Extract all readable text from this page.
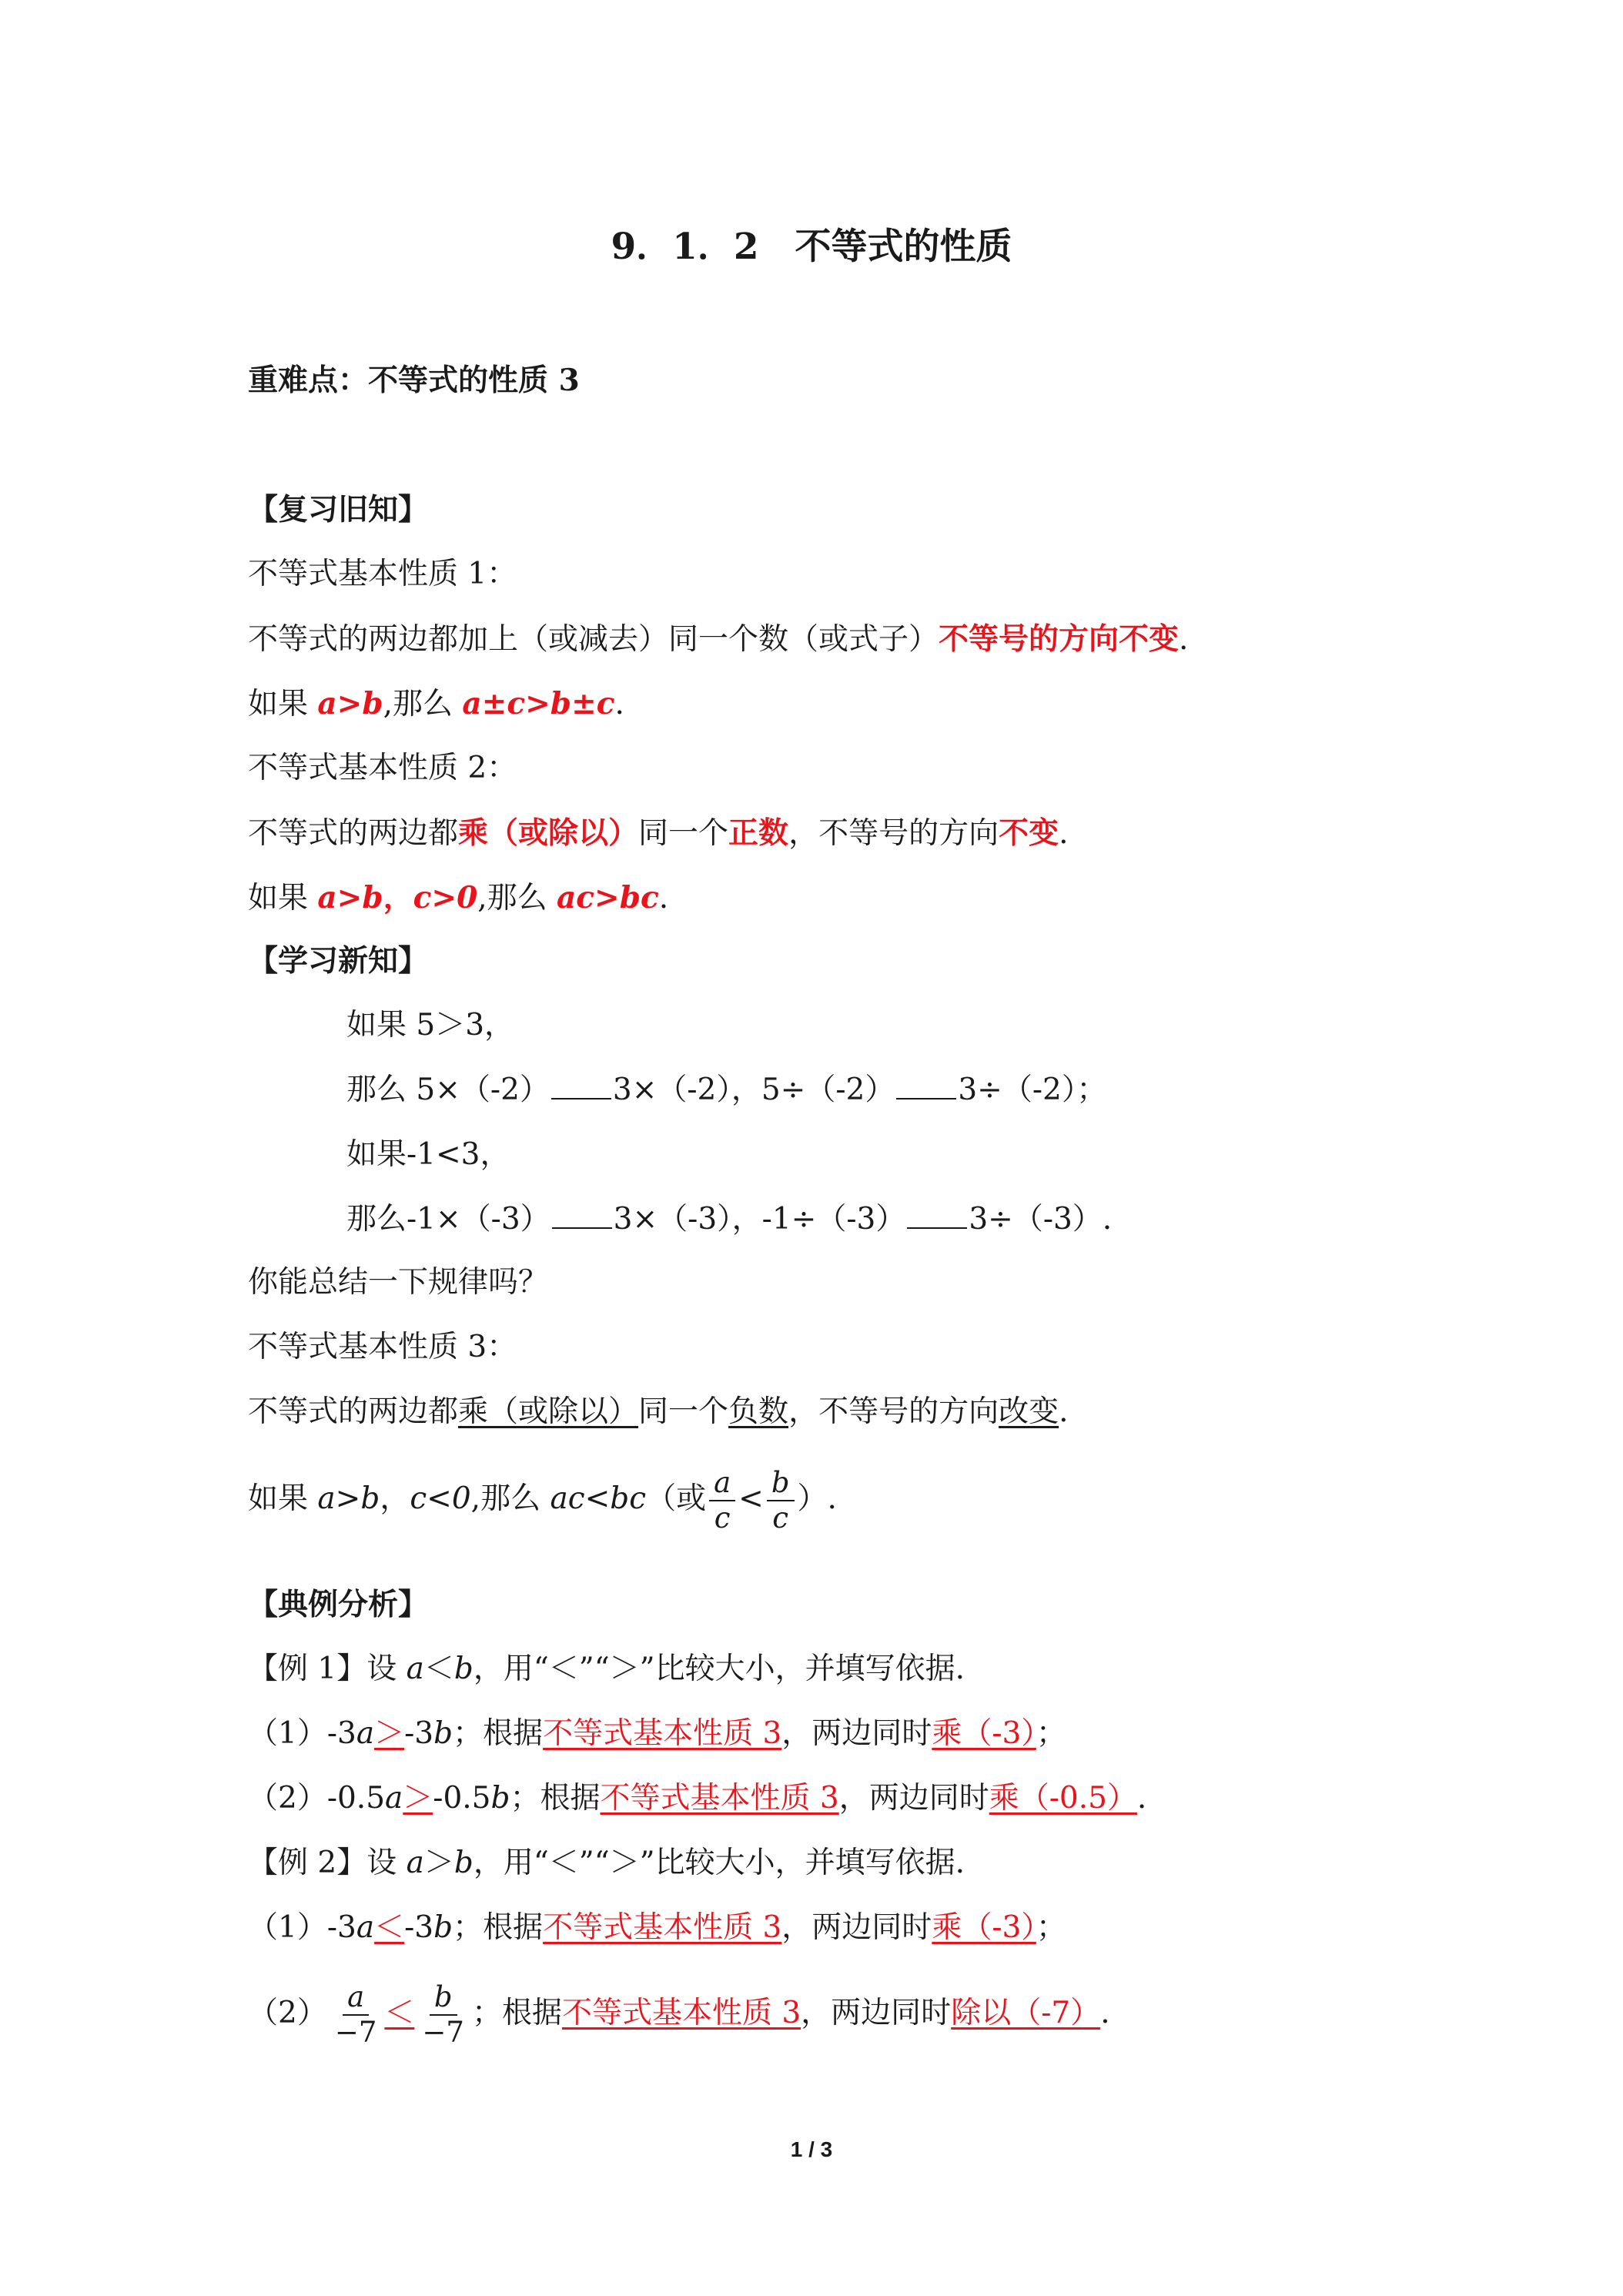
9．1．2　不等式的性质
重难点：不等式的性质 3
【复习旧知】
不等式基本性质 1：
不等式的两边都加上（或减去）同一个数（或式子）不等号的方向不变.
如果 a>b,那么 a±c>b±c.
不等式基本性质 2：
不等式的两边都乘（或除以）同一个正数，不等号的方向不变.
如果 a>b，c>0,那么 ac>bc.
【学习新知】
如果 5＞3，
那么 5×（-2） 3×（-2），5÷（-2） 3÷（-2）；
如果-1<3，
那么-1×（-3） 3×（-3），-1÷（-3） 3÷（-3）.
你能总结一下规律吗？
不等式基本性质 3：
不等式的两边都乘（或除以）同一个负数，不等号的方向改变.
如果 a>b，c<0,那么 ac<bc（或 $\frac{a}{c} < \frac{b}{c}$ ）.
【典例分析】
【例 1】设 a＜b，用“＜”“＞”比较大小，并填写依据.
（1）-3a＞-3b；根据不等式基本性质 3，两边同时乘（-3）；
（2）-0.5a＞-0.5b；根据不等式基本性质 3，两边同时乘（-0.5）.
【例 2】设 a＞b，用“＜”“＞”比较大小，并填写依据.
（1）-3a＜-3b；根据不等式基本性质 3，两边同时乘（-3）；
$(2) \frac{a}{-7} < \frac{b}{-7}$ ；根据不等式基本性质 3，两边同时除以（-7）.
1 / 3
